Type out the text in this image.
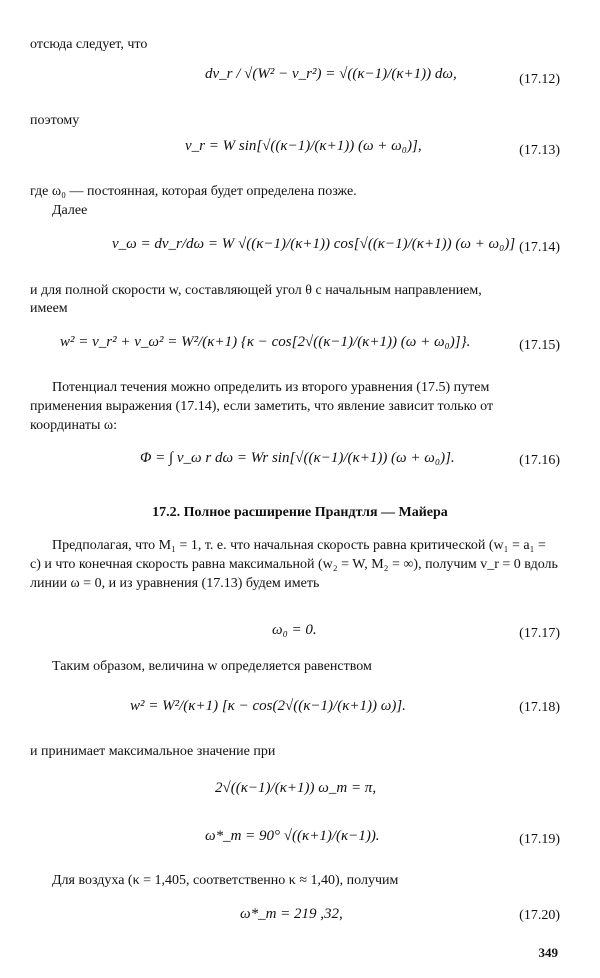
отсюда следует, что
dv_r / √(W² − v_r²) = √((κ−1)/(κ+1)) dω,	(17.12)
поэтому
v_r = W sin[√((κ−1)/(κ+1)) (ω + ω₀)],	(17.13)
где ω₀ — постоянная, которая будет определена позже.
Далее
v_ω = dv_r/dω = W √((κ−1)/(κ+1)) cos[√((κ−1)/(κ+1)) (ω + ω₀)] (17.14)
и для полной скорости w, составляющей угол θ с начальным направлением,
имеем
w² = v_r² + v_ω² = W²/(κ+1) {κ − cos[2√((κ−1)/(κ+1)) (ω + ω₀)]}.	(17.15)
Потенциал течения можно определить из второго уравнения (17.5) путем применения выражения (17.14), если заметить, что явление зависит только от координаты ω:
Φ = ∫ v_ω r dω = Wr sin[√((κ−1)/(κ+1)) (ω + ω₀)].	(17.16)
17.2. Полное расширение Прандтля — Майера
Предполагая, что M₁ = 1, т. е. что начальная скорость равна критической (w₁ = a₁ = c) и что конечная скорость равна максимальной (w₂ = W, M₂ = ∞), получим v_r = 0 вдоль линии ω = 0, и из уравнения (17.13) будем иметь
ω₀ = 0.	(17.17)
Таким образом, величина w определяется равенством
w² = W²/(κ+1) [κ − cos(2√((κ−1)/(κ+1)) ω)].	(17.18)
и принимает максимальное значение при
2√((κ−1)/(κ+1)) ω_m = π,
ω*_m = 90° √((κ+1)/(κ−1)).	(17.19)
Для воздуха (κ = 1,405, соответственно κ ≈ 1,40), получим
ω*_m = 219 ,32,	(17.20)
349
